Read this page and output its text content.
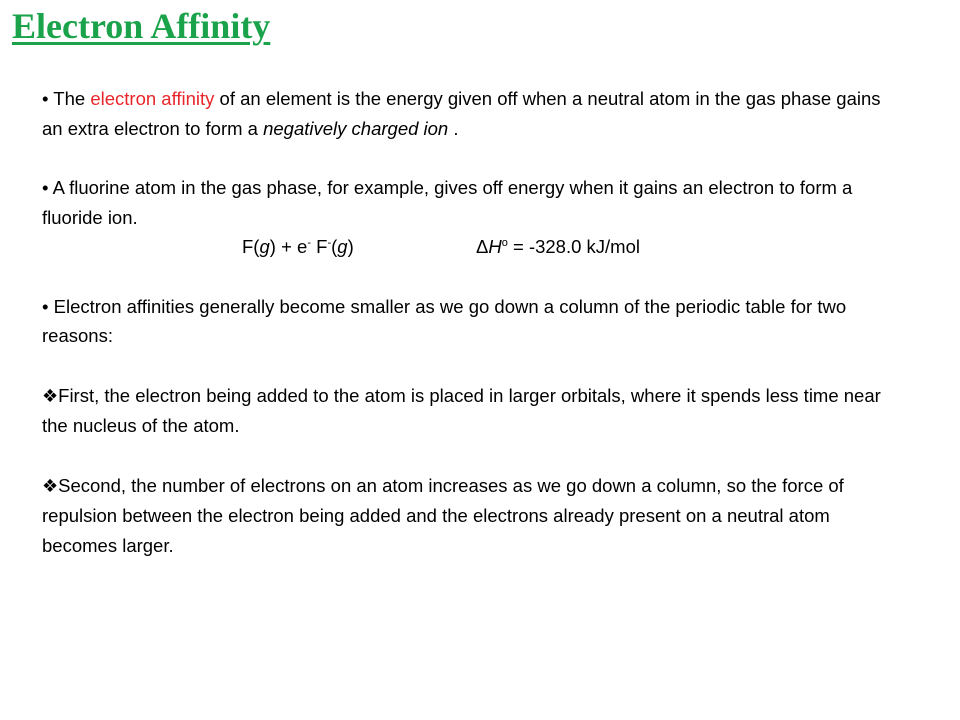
Electron Affinity

• The electron affinity of an element is the energy given off when a neutral atom in the gas phase gains an extra electron to form a negatively charged ion .

• A fluorine atom in the gas phase, for example, gives off energy when it gains an electron to form a fluoride ion.

F(g) + e- F-(g)	$\Delta H^o = -328.0$ kJ/mol

• Electron affinities generally become smaller as we go down a column of the periodic table for two reasons:

❖First, the electron being added to the atom is placed in larger orbitals, where it spends less time near the nucleus of the atom.

❖Second, the number of electrons on an atom increases as we go down a column, so the force of repulsion between the electron being added and the electrons already present on a neutral atom becomes larger.
